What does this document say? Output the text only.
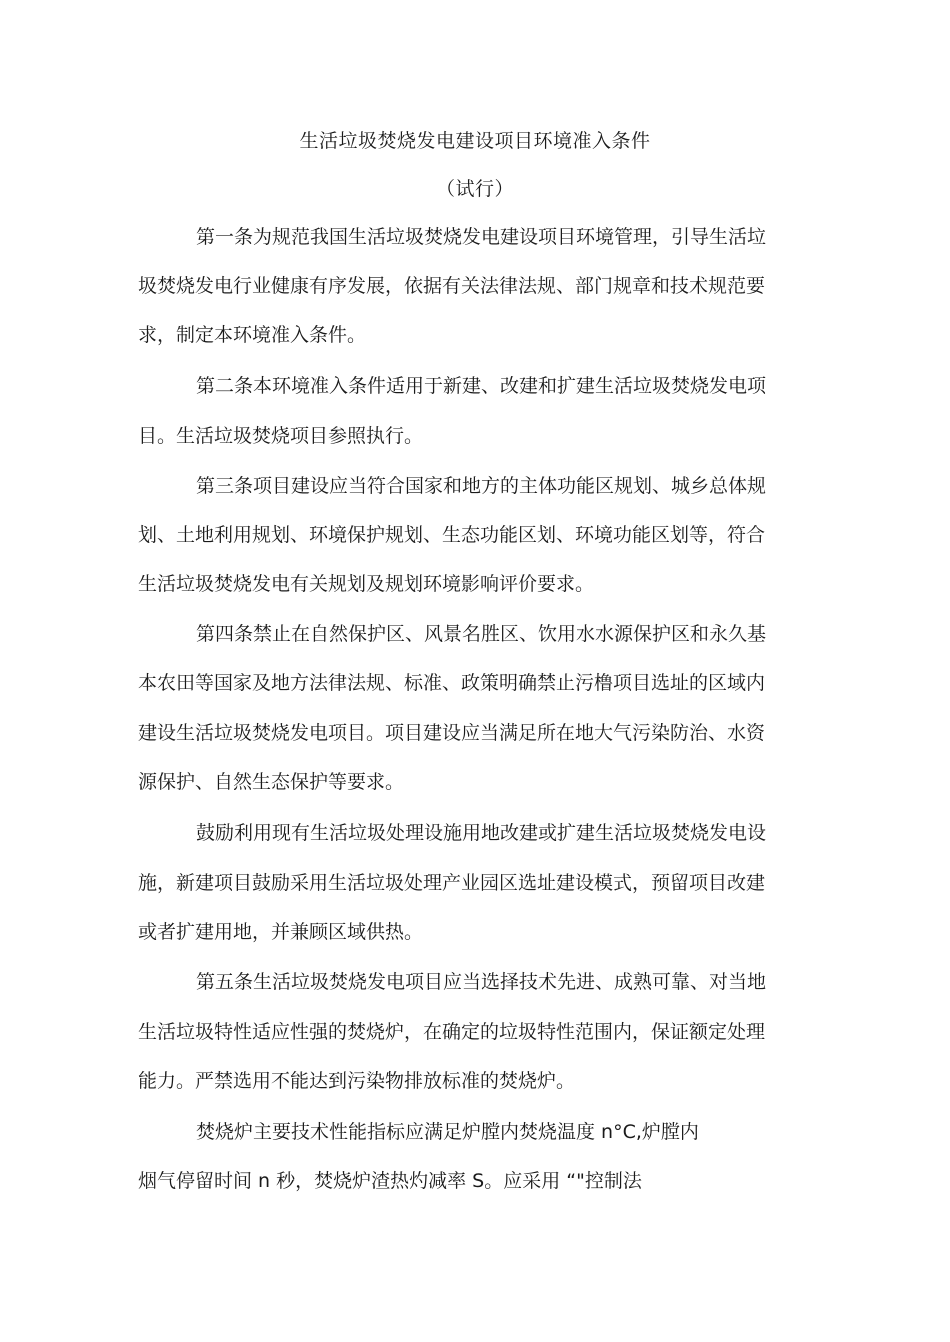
生活垃圾焚烧发电建设项目环境准入条件
（试行）

第一条为规范我国生活垃圾焚烧发电建设项目环境管理，引导生活垃

圾焚烧发电行业健康有序发展，依据有关法律法规、部门规章和技术规范要

求，制定本环境准入条件。

第二条本环境准入条件适用于新建、改建和扩建生活垃圾焚烧发电项

目。生活垃圾焚烧项目参照执行。

第三条项目建设应当符合国家和地方的主体功能区规划、城乡总体规

划、土地利用规划、环境保护规划、生态功能区划、环境功能区划等，符合

生活垃圾焚烧发电有关规划及规划环境影响评价要求。

第四条禁止在自然保护区、风景名胜区、饮用水水源保护区和永久基

本农田等国家及地方法律法规、标准、政策明确禁止污橹项目选址的区域内

建设生活垃圾焚烧发电项目。项目建设应当满足所在地大气污染防治、水资

源保护、自然生态保护等要求。

鼓励利用现有生活垃圾处理设施用地改建或扩建生活垃圾焚烧发电设

施，新建项目鼓励采用生活垃圾处理产业园区选址建设模式，预留项目改建

或者扩建用地，并兼顾区域供热。

第五条生活垃圾焚烧发电项目应当选择技术先进、成熟可靠、对当地

生活垃圾特性适应性强的焚烧炉，在确定的垃圾特性范围内，保证额定处理

能力。严禁选用不能达到污染物排放标准的焚烧炉。

焚烧炉主要技术性能指标应满足炉膛内焚烧温度 n°C,炉膛内

烟气停留时间 n 秒，焚烧炉渣热灼减率 S。应采用 “"控制法
